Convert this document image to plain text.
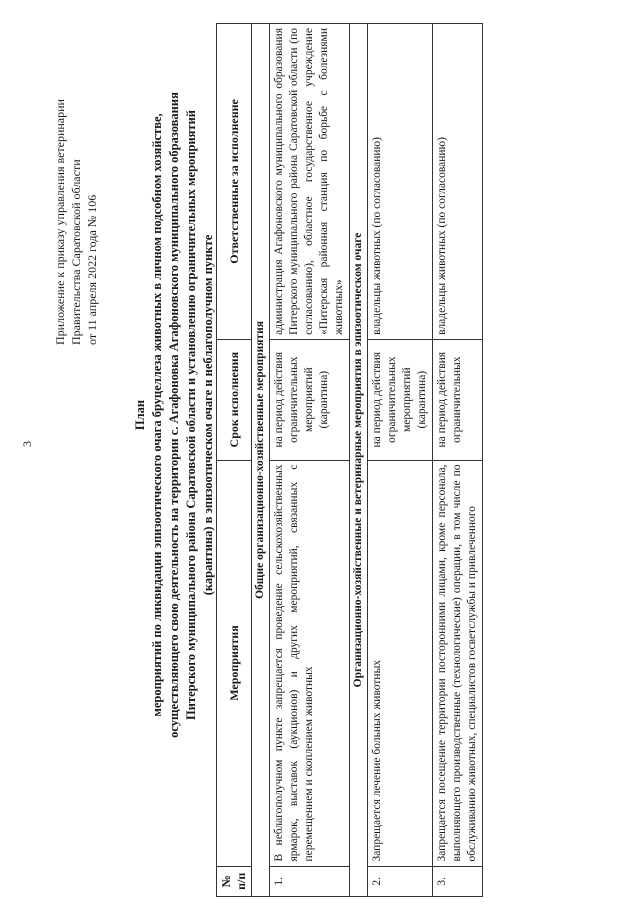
3
Приложение к приказу управления ветеринарии Правительства Саратовской области от 11 апреля 2022 года № 106
План мероприятий по ликвидации эпизоотического очага бруцеллеза животных в личном подсобном хозяйстве, осуществляющего свою деятельность на территории с. Агафоновка Агафоновского муниципального образования Питерского муниципального района Саратовской области и установлению ограничительных мероприятий (карантина) в эпизоотическом очаге и неблагополучном пункте
№ п/п	Мероприятия	Срок исполнения	Ответственные за исполнение
Общие организационно-хозяйственные мероприятия			
1.	В неблагополучном пункте запрещается проведение сельскохозяйственных ярмарок, выставок (аукционов) и других мероприятий, связанных с перемещением и скоплением животных	на период действия ограничительных мероприятий (карантина)	администрация Агафоновского муниципального образования Питерского муниципального района Саратовской области (по согласованию), областное государственное учреждение «Питерская районная станция по борьбе с болезнями животных»
Организационно-хозяйственные и ветеринарные мероприятия в эпизоотическом очаге			
2.	Запрещается лечение больных животных	на период действия ограничительных мероприятий (карантина)	владельцы животных (по согласованию)
3.	Запрещается посещение территории посторонними лицами, кроме персонала, выполняющего производственные (технологические) операции, в том числе по обслуживанию животных, специалистов госветслужбы и привлеченного	на период действия ограничительных	владельцы животных (по согласованию)
